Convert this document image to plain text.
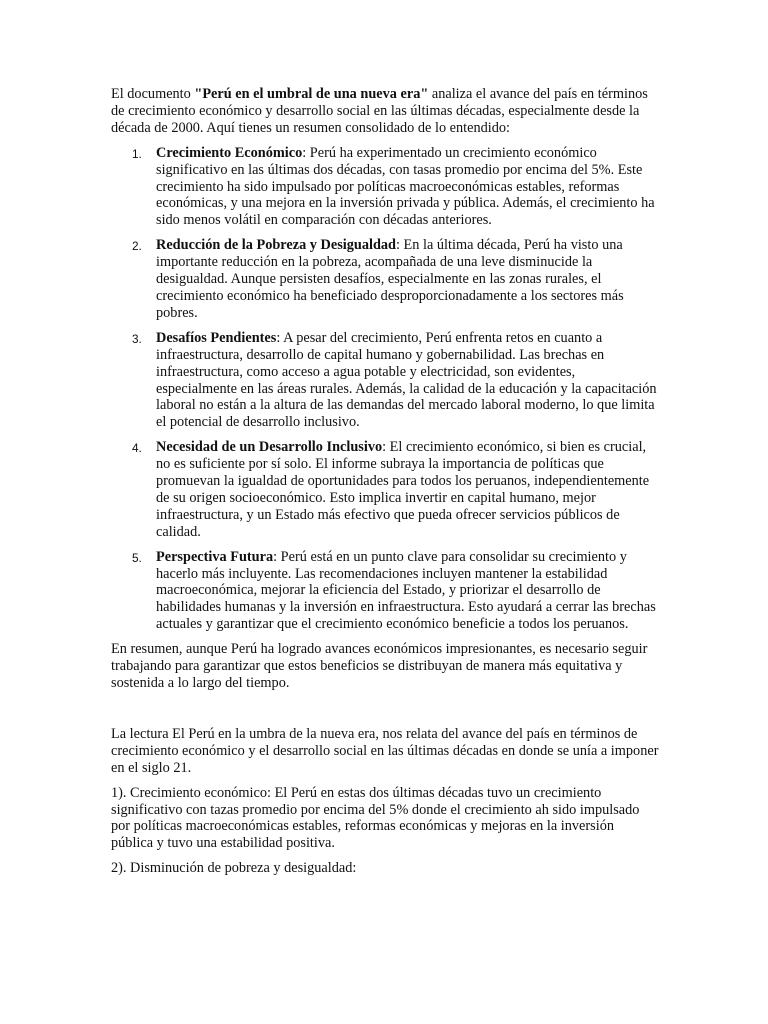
El documento "Perú en el umbral de una nueva era" analiza el avance del país en términos de crecimiento económico y desarrollo social en las últimas décadas, especialmente desde la década de 2000. Aquí tienes un resumen consolidado de lo entendido:

1. Crecimiento Económico: Perú ha experimentado un crecimiento económico significativo en las últimas dos décadas, con tasas promedio por encima del 5%. Este crecimiento ha sido impulsado por políticas macroeconómicas estables, reformas económicas, y una mejora en la inversión privada y pública. Además, el crecimiento ha sido menos volátil en comparación con décadas anteriores.
2. Reducción de la Pobreza y Desigualdad: En la última década, Perú ha visto una importante reducción en la pobreza, acompañada de una leve disminucide la desigualdad. Aunque persisten desafíos, especialmente en las zonas rurales, el crecimiento económico ha beneficiado desproporcionadamente a los sectores más pobres.
3. Desafíos Pendientes: A pesar del crecimiento, Perú enfrenta retos en cuanto a infraestructura, desarrollo de capital humano y gobernabilidad. Las brechas en infraestructura, como acceso a agua potable y electricidad, son evidentes, especialmente en las áreas rurales. Además, la calidad de la educación y la capacitación laboral no están a la altura de las demandas del mercado laboral moderno, lo que limita el potencial de desarrollo inclusivo.
4. Necesidad de un Desarrollo Inclusivo: El crecimiento económico, si bien es crucial, no es suficiente por sí solo. El informe subraya la importancia de políticas que promuevan la igualdad de oportunidades para todos los peruanos, independientemente de su origen socioeconómico. Esto implica invertir en capital humano, mejor infraestructura, y un Estado más efectivo que pueda ofrecer servicios públicos de calidad.
5. Perspectiva Futura: Perú está en un punto clave para consolidar su crecimiento y hacerlo más incluyente. Las recomendaciones incluyen mantener la estabilidad macroeconómica, mejorar la eficiencia del Estado, y priorizar el desarrollo de habilidades humanas y la inversión en infraestructura. Esto ayudará a cerrar las brechas actuales y garantizar que el crecimiento económico beneficie a todos los peruanos.

En resumen, aunque Perú ha logrado avances económicos impresionantes, es necesario seguir trabajando para garantizar que estos beneficios se distribuyan de manera más equitativa y sostenida a lo largo del tiempo.

La lectura El Perú en la umbra de la nueva era, nos relata del avance del país en términos de crecimiento económico y el desarrollo social en las últimas décadas en donde se unía a imponer en el siglo 21.

1). Crecimiento económico: El Perú en estas dos últimas décadas tuvo un crecimiento significativo con tazas promedio por encima del 5% donde el crecimiento ah sido impulsado por políticas macroeconómicas estables, reformas económicas y mejoras en la inversión pública y tuvo una estabilidad positiva.

2). Disminución de pobreza y desigualdad:
